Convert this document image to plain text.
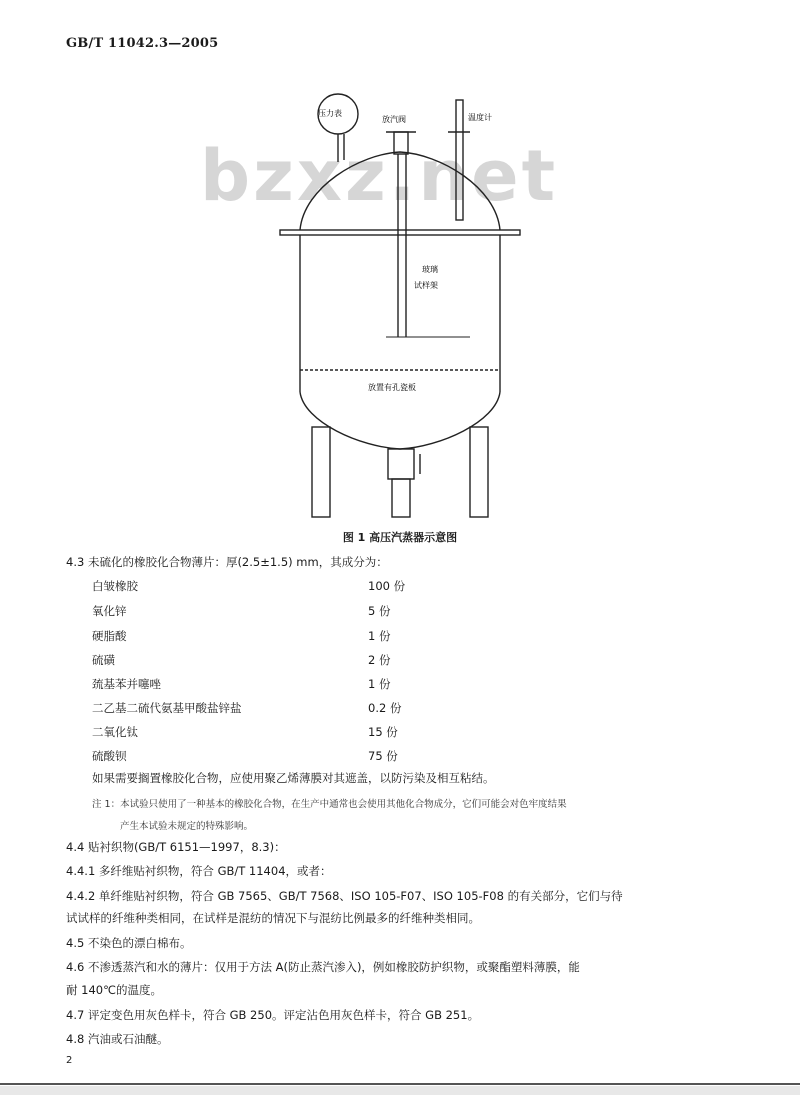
GB/T 11042.3—2005
bzxz.net
压力表
放汽阀	温度计
玻璃 试样架
放置有孔瓷板
图 1 高压汽蒸器示意图
4.3 未硫化的橡胶化合物薄片：厚(2.5±1.5) mm，其成分为：
白皱橡胶	100 份
氧化锌	5 份
硬脂酸	1 份
硫磺	2 份
巯基苯并噻唑	1 份
二乙基二硫代氨基甲酸盐锌盐	0.2 份
二氧化钛	15 份
硫酸钡	75 份
如果需要搁置橡胶化合物，应使用聚乙烯薄膜对其遮盖，以防污染及相互粘结。
注 1：本试验只使用了一种基本的橡胶化合物，在生产中通常也会使用其他化合物成分，它们可能会对色牢度结果
产生本试验未规定的特殊影响。
4.4 贴衬织物(GB/T 6151—1997，8.3)：
4.4.1 多纤维贴衬织物，符合 GB/T 11404，或者：
4.4.2 单纤维贴衬织物，符合 GB 7565、GB/T 7568、ISO 105-F07、ISO 105-F08 的有关部分，它们与待
试试样的纤维种类相同，在试样是混纺的情况下与混纺比例最多的纤维种类相同。
4.5 不染色的漂白棉布。
4.6 不渗透蒸汽和水的薄片：仅用于方法 A(防止蒸汽渗入)，例如橡胶防护织物，或聚酯塑料薄膜，能
耐 140℃的温度。
4.7 评定变色用灰色样卡，符合 GB 250。评定沾色用灰色样卡，符合 GB 251。
4.8 汽油或石油醚。
2
